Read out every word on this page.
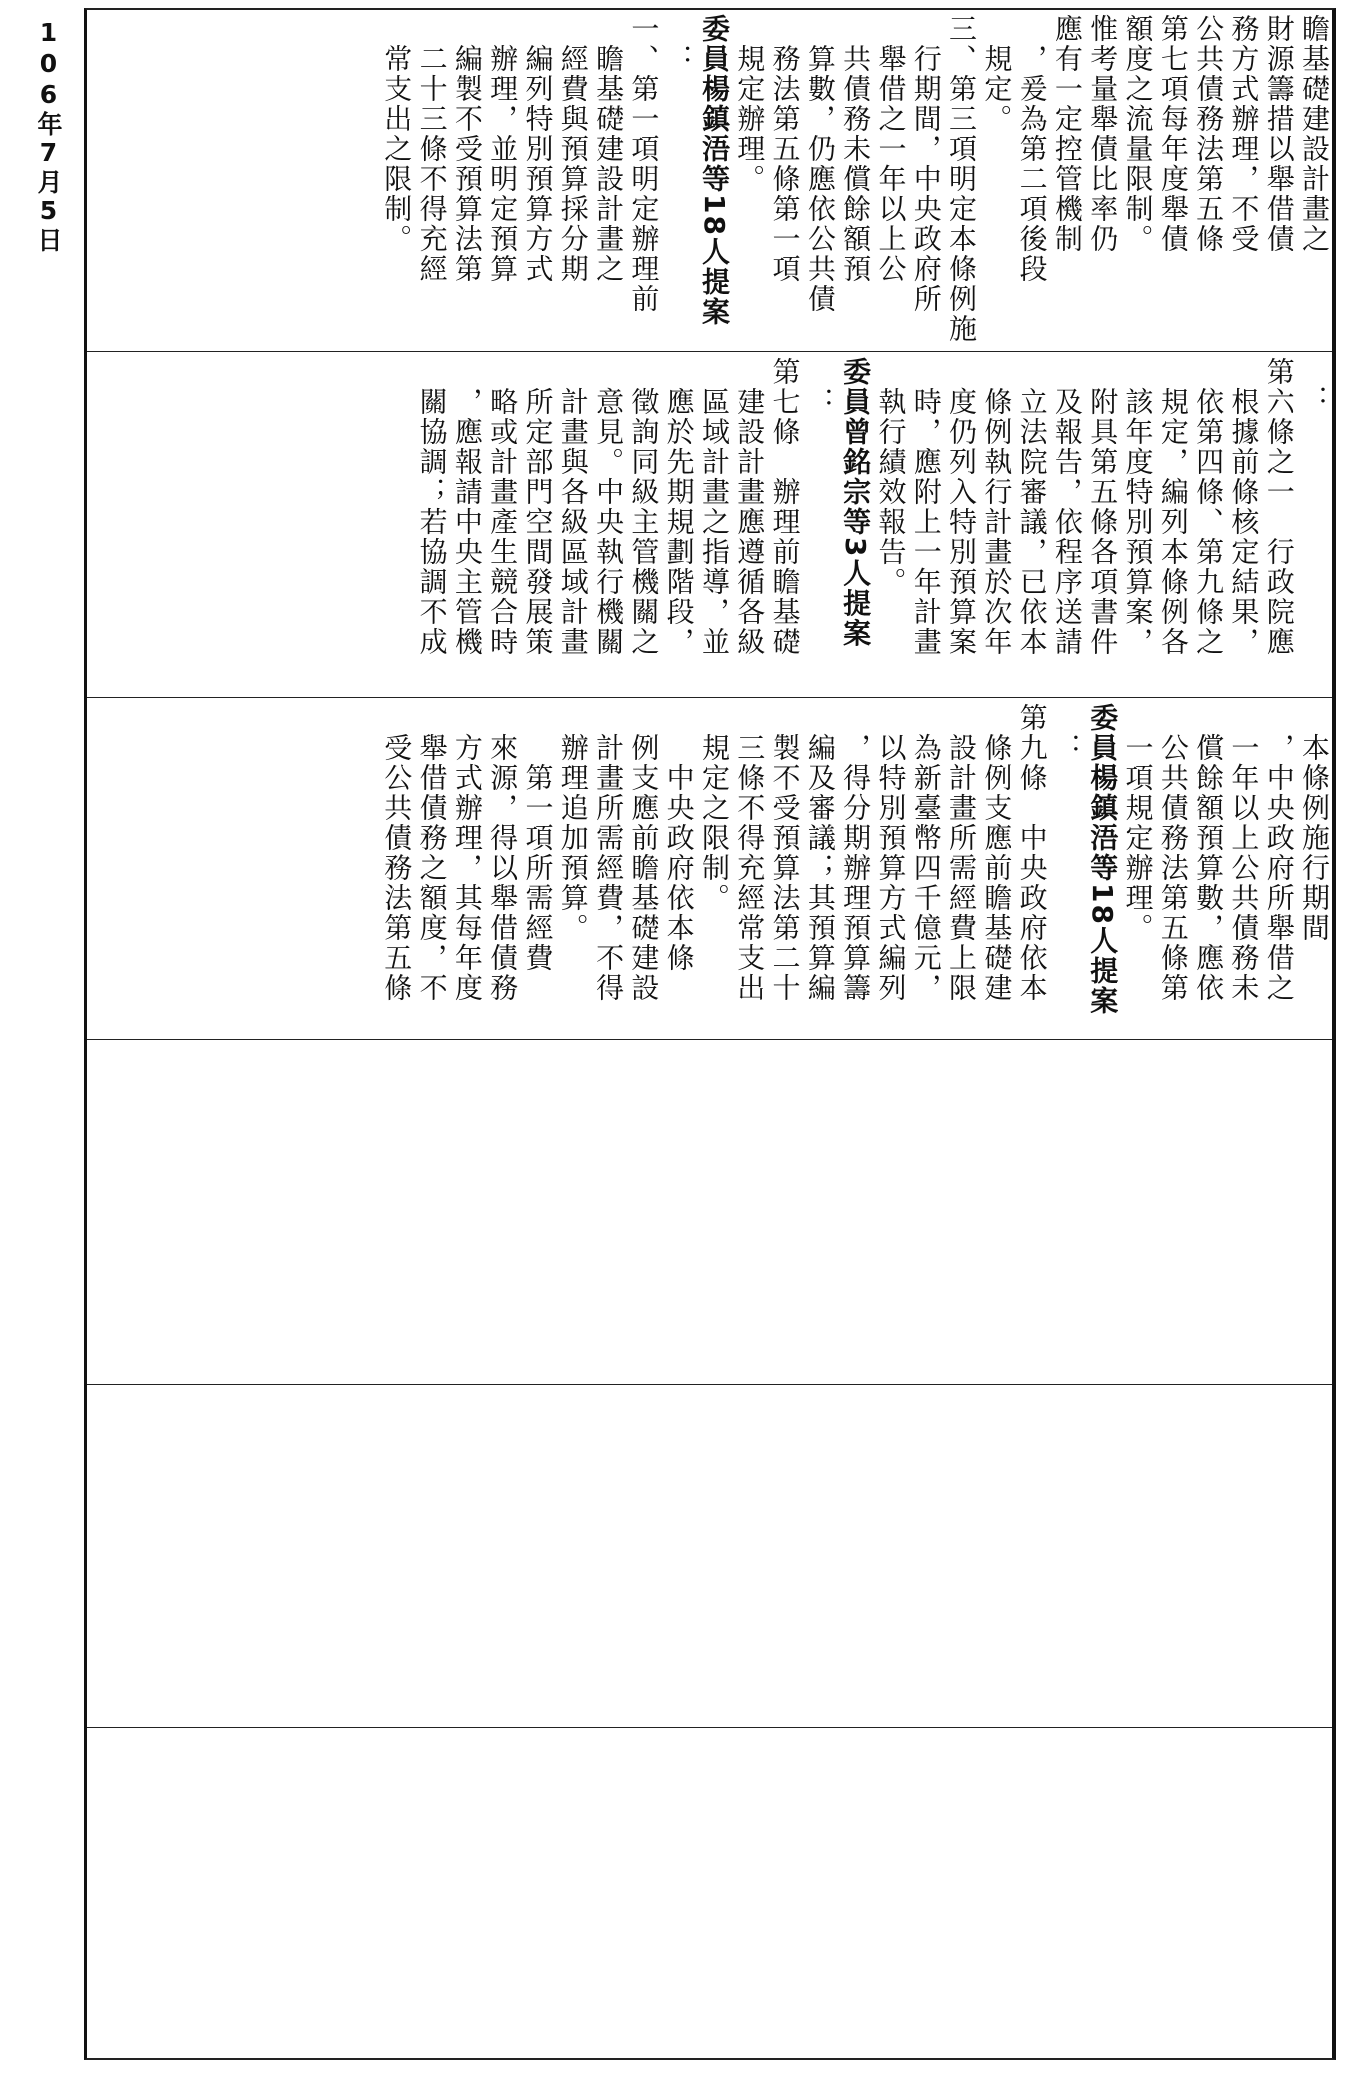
106年7月5日	瞻基礎建設計畫之

財源籌措以舉借債

務方式辦理，不受

公共債務法第五條

第七項每年度舉債

額度之流量限制。

惟考量舉債比率仍

應有一定控管機制

　，爰為第二項後段

　規定。

三、第三項明定本條例施

　行期間，中央政府所

　舉借之一年以上公

　共債務未償餘額預

　算數，仍應依公共債

　務法第五條第一項

　規定辦理。

委員楊鎮浯等18人提案

　：

一、第一項明定辦理前

　瞻基礎建設計畫之

　經費與預算採分期

　編列特別預算方式

　辦理，並明定預算

　編製不受預算法第

　二十三條不得充經

　常支出之限制。

：

第六條之一　行政院應

　根據前條核定結果，

　依第四條、第九條之

　規定，編列本條例各

　該年度特別預算案，

　附具第五條各項書件

　及報告，依程序送請

　立法院審議，已依本

　條例執行計畫於次年

　度仍列入特別預算案

　時，應附上一年計畫

　執行績效報告。

委員曾銘宗等3人提案

　：

第七條　辦理前瞻基礎

　建設計畫應遵循各級

　區域計畫之指導，並

　應於先期規劃階段，

　徵詢同級主管機關之

　意見。中央執行機關

　計畫與各級區域計畫

　所定部門空間發展策

　略或計畫產生競合時

　，應報請中央主管機

　關協調；若協調不成

　本條例施行期間

　，中央政府所舉借之

　一年以上公共債務未

　償餘額預算數，應依

　公共債務法第五條第

　一項規定辦理。

委員楊鎮浯等18人提案

　：

第九條　中央政府依本

　條例支應前瞻基礎建

　設計畫所需經費上限

　為新臺幣四千億元，

　以特別預算方式編列

　，得分期辦理預算籌

　編及審議；其預算編

　製不受預算法第二十

　三條不得充經常支出

　規定之限制。

　　中央政府依本條

　例支應前瞻基礎建設

　計畫所需經費，不得

　辦理追加預算。

　　第一項所需經費

　來源，得以舉借債務

　方式辦理，其每年度

　舉借債務之額度，不

　受公共債務法第五條
